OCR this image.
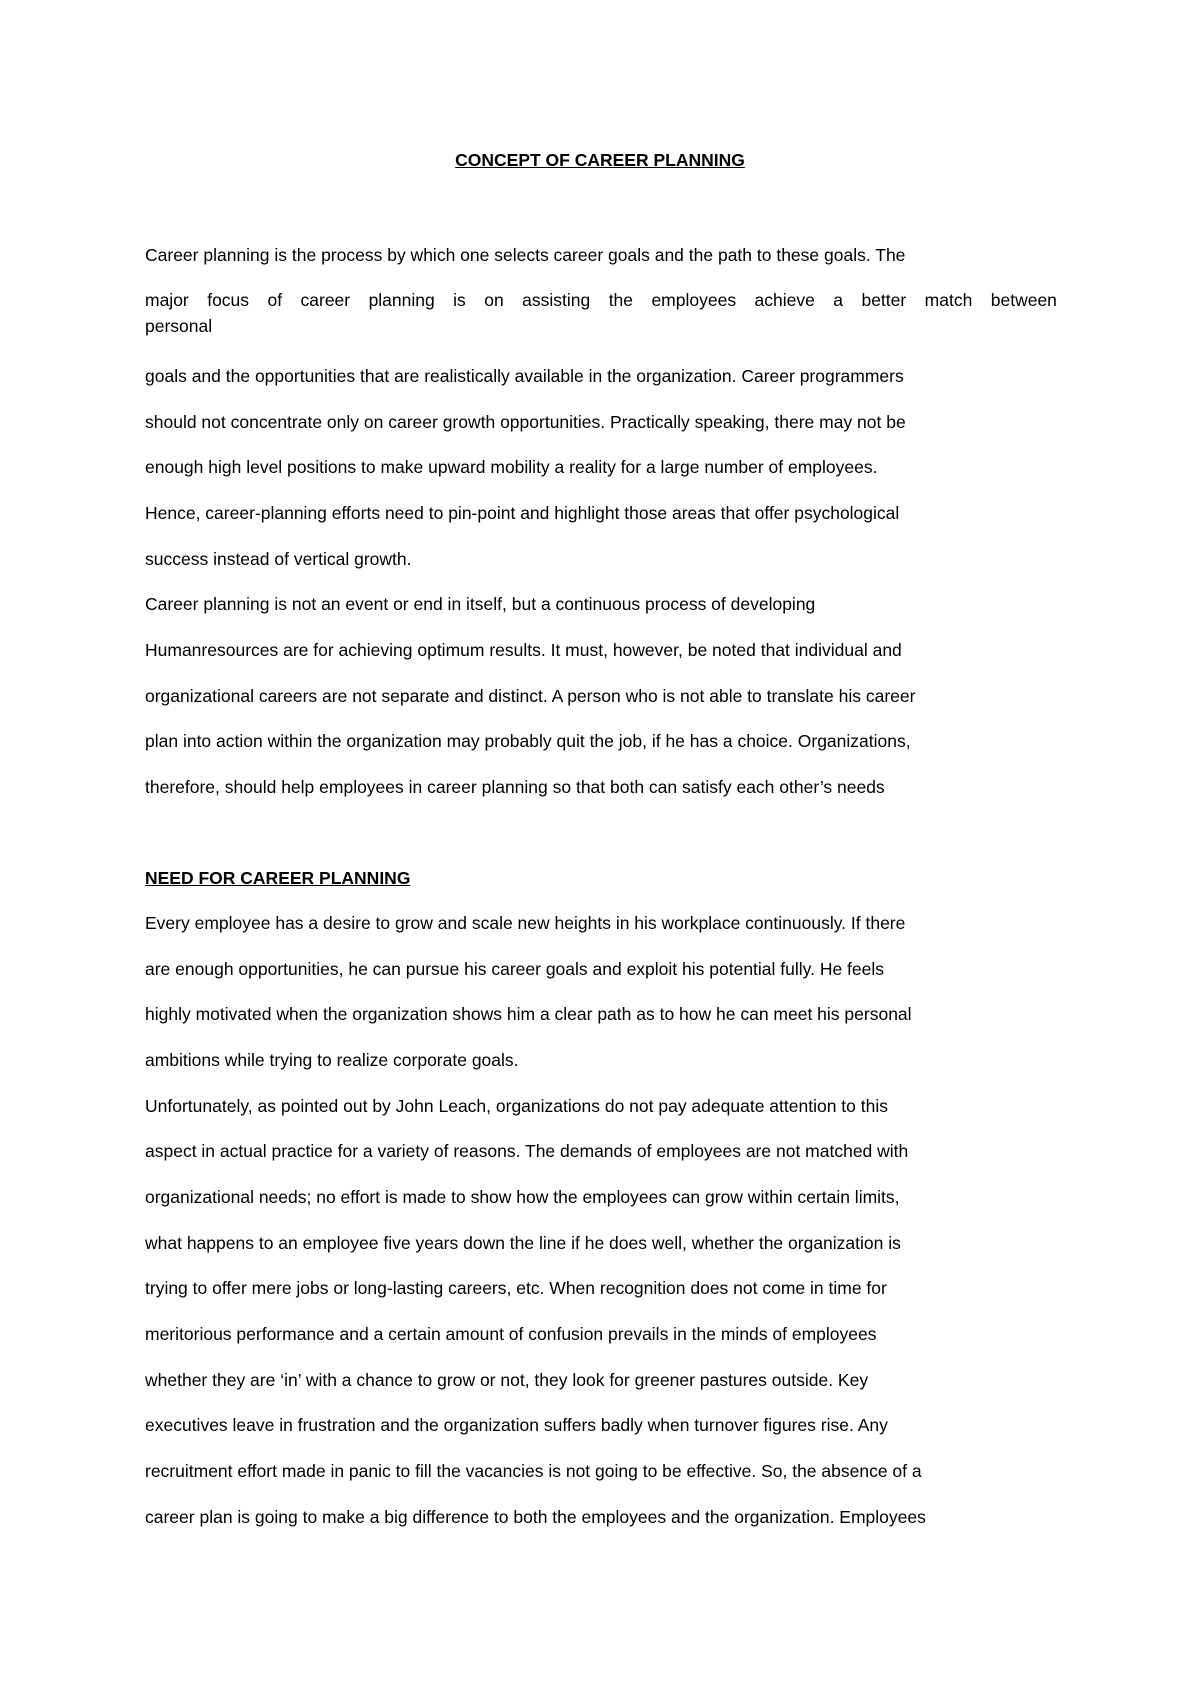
CONCEPT OF CAREER PLANNING
Career planning is the process by which one selects career goals and the path to these goals. The
major focus of career planning is on assisting the employees achieve a better match between
personal
goals and the opportunities that are realistically available in the organization. Career programmers
should not concentrate only on career growth opportunities. Practically speaking, there may not be
enough high level positions to make upward mobility a reality for a large number of employees.
Hence, career-planning efforts need to pin-point and highlight those areas that offer psychological
success instead of vertical growth.
Career planning is not an event or end in itself, but a continuous process of developing
Humanresources are for achieving optimum results. It must, however, be noted that individual and
organizational careers are not separate and distinct. A person who is not able to translate his career
plan into action within the organization may probably quit the job, if he has a choice. Organizations,
therefore, should help employees in career planning so that both can satisfy each other’s needs
NEED FOR CAREER PLANNING
Every employee has a desire to grow and scale new heights in his workplace continuously. If there
are enough opportunities, he can pursue his career goals and exploit his potential fully. He feels
highly motivated when the organization shows him a clear path as to how he can meet his personal
ambitions while trying to realize corporate goals.
Unfortunately, as pointed out by John Leach, organizations do not pay adequate attention to this
aspect in actual practice for a variety of reasons. The demands of employees are not matched with
organizational needs; no effort is made to show how the employees can grow within certain limits,
what happens to an employee five years down the line if he does well, whether the organization is
trying to offer mere jobs or long-lasting careers, etc. When recognition does not come in time for
meritorious performance and a certain amount of confusion prevails in the minds of employees
whether they are ‘in’ with a chance to grow or not, they look for greener pastures outside. Key
executives leave in frustration and the organization suffers badly when turnover figures rise. Any
recruitment effort made in panic to fill the vacancies is not going to be effective. So, the absence of a
career plan is going to make a big difference to both the employees and the organization. Employees
